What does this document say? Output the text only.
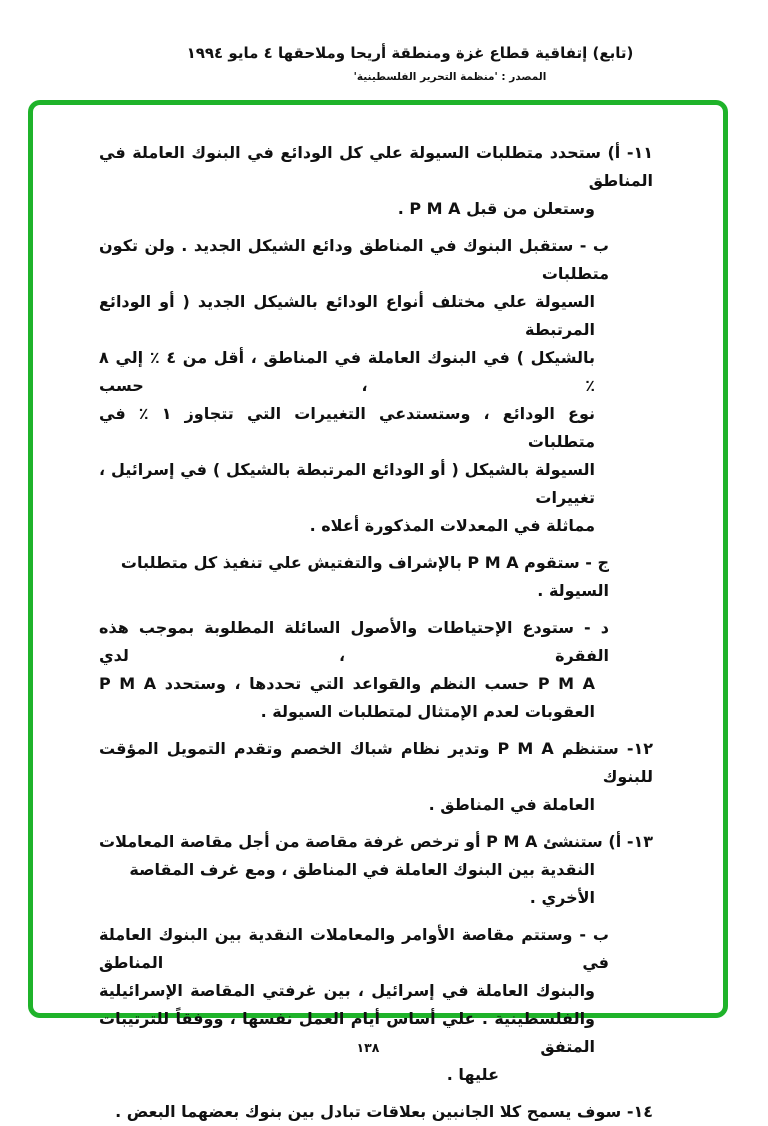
(تابع) إتفاقية قطاع غزة ومنطقة أريحا وملاحقها ٤ مايو ١٩٩٤
المصدر : 'منظمة التحرير الفلسطينية'
١١- أ) ستحدد متطلبات السيولة علي كل الودائع في البنوك العاملة في المناطق
وستعلن من قبل P M A .
ب - ستقبل البنوك في المناطق ودائع الشيكل الجديد . ولن تكون متطلبات
السيولة علي مختلف أنواع الودائع بالشيكل الجديد ( أو الودائع المرتبطة
بالشيكل ) في البنوك العاملة في المناطق ، أقل من ٤ ٪ إلي ٨ ٪ ، حسب
نوع الودائع ، وستستدعي التغييرات التي تتجاوز ١ ٪ في متطلبات
السيولة بالشيكل ( أو الودائع المرتبطة بالشيكل ) في إسرائيل ، تغييرات
مماثلة في المعدلات المذكورة أعلاه .
ج - ستقوم P M A بالإشراف والتفتيش علي تنفيذ كل متطلبات السيولة .
د - ستودع الإحتياطات والأصول السائلة المطلوبة بموجب هذه الفقرة ، لدي
P M A حسب النظم والقواعد التي تحددها ، وستحدد P M A
العقوبات لعدم الإمتثال لمتطلبات السيولة .
١٢- ستنظم P M A وتدير نظام شباك الخصم وتقدم التمويل المؤقت للبنوك
العاملة في المناطق .
١٣- أ) ستنشئ P M A أو ترخص غرفة مقاصة من أجل مقاصة المعاملات
النقدية بين البنوك العاملة في المناطق ، ومع غرف المقاصة الأخري .
ب - وستتم مقاصة الأوامر والمعاملات النقدية بين البنوك العاملة في المناطق
والبنوك العاملة في إسرائيل ، بين غرفتي المقاصة الإسرائيلية
والفلسطينية . علي أساس أيام العمل نفسها ، ووفقاً للترتيبات المتفق
عليها .
١٤- سوف يسمح كلا الجانبين بعلاقات تبادل بين بنوك بعضهما البعض .
١٣٨
